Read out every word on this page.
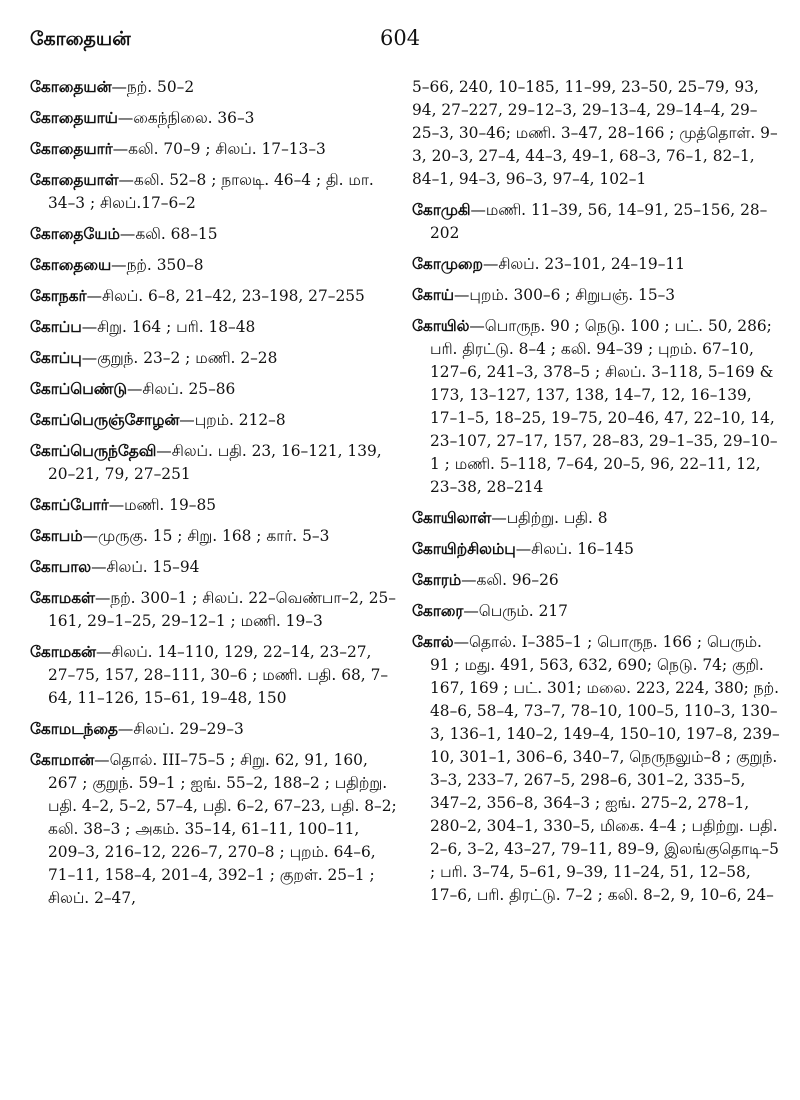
கோதையன்	604

கோதையன்—நற். 50–2

கோதையாய்—கைந்நிலை. 36–3

கோதையார்—கலி. 70–9 ; சிலப். 17–13–3

கோதையாள்—கலி. 52–8 ; நாலடி. 46–4 ; தி. மா. 34–3 ; சிலப்.17–6–2

கோதையேம்—கலி. 68–15

கோதையை—நற். 350–8

கோநகர்—சிலப். 6–8, 21–42, 23–198, 27–255

கோப்ப—சிறு. 164 ; பரி. 18–48

கோப்பு—குறுந். 23–2 ; மணி. 2–28

கோப்பெண்டு—சிலப். 25–86

கோப்பெருஞ்சோழன்—புறம். 212–8

கோப்பெருந்தேவி—சிலப். பதி. 23, 16–121, 139, 20–21, 79, 27–251

கோப்போர்—மணி. 19–85

கோபம்—முருகு. 15 ; சிறு. 168 ; கார். 5–3

கோபால—சிலப். 15–94

கோமகள்—நற். 300–1 ; சிலப். 22–வெண்பா–2, 25–161, 29–1–25, 29–12–1 ; மணி. 19–3

கோமகன்—சிலப். 14–110, 129, 22–14, 23–27, 27–75, 157, 28–111, 30–6 ; மணி. பதி. 68, 7–64, 11–126, 15–61, 19–48, 150

கோமடந்தை—சிலப். 29–29–3

கோமான்—தொல். III–75–5 ; சிறு. 62, 91, 160, 267 ; குறுந். 59–1 ; ஐங். 55–2, 188–2 ; பதிற்று. பதி. 4–2, 5–2, 57–4, பதி. 6–2, 67–23, பதி. 8–2; கலி. 38–3 ; அகம். 35–14, 61–11, 100–11, 209–3, 216–12, 226–7, 270–8 ; புறம். 64–6, 71–11, 158–4, 201–4, 392–1 ; குறள். 25–1 ; சிலப். 2–47,

5–66, 240, 10–185, 11–99, 23–50, 25–79, 93, 94, 27–227, 29–12–3, 29–13–4, 29–14–4, 29–25–3, 30–46; மணி. 3–47, 28–166 ; முத்தொள். 9–3, 20–3, 27–4, 44–3, 49–1, 68–3, 76–1, 82–1, 84–1, 94–3, 96–3, 97–4, 102–1

கோமுகி—மணி. 11–39, 56, 14–91, 25–156, 28–202

கோமுறை—சிலப். 23–101, 24–19–11

கோய்—புறம். 300–6 ; சிறுபஞ். 15–3

கோயில்—பொருந. 90 ; நெடு. 100 ; பட். 50, 286; பரி. திரட்டு. 8–4 ; கலி. 94–39 ; புறம். 67–10, 127–6, 241–3, 378–5 ; சிலப். 3–118, 5–169 & 173, 13–127, 137, 138, 14–7, 12, 16–139, 17–1–5, 18–25, 19–75, 20–46, 47, 22–10, 14, 23–107, 27–17, 157, 28–83, 29–1–35, 29–10–1 ; மணி. 5–118, 7–64, 20–5, 96, 22–11, 12, 23–38, 28–214

கோயிலாள்—பதிற்று. பதி. 8

கோயிற்சிலம்பு—சிலப். 16–145

கோரம்—கலி. 96–26

கோரை—பெரும். 217

கோல்—தொல். I–385–1 ; பொருந. 166 ; பெரும். 91 ; மது. 491, 563, 632, 690; நெடு. 74; குறி. 167, 169 ; பட். 301; மலை. 223, 224, 380; நற். 48–6, 58–4, 73–7, 78–10, 100–5, 110–3, 130–3, 136–1, 140–2, 149–4, 150–10, 197–8, 239–10, 301–1, 306–6, 340–7, நெருநலும்–8 ; குறுந். 3–3, 233–7, 267–5, 298–6, 301–2, 335–5, 347–2, 356–8, 364–3 ; ஐங். 275–2, 278–1, 280–2, 304–1, 330–5, மிகை. 4–4 ; பதிற்று. பதி. 2–6, 3–2, 43–27, 79–11, 89–9, இலங்குதொடி–5 ; பரி. 3–74, 5–61, 9–39, 11–24, 51, 12–58, 17–6, பரி. திரட்டு. 7–2 ; கலி. 8–2, 9, 10–6, 24–
